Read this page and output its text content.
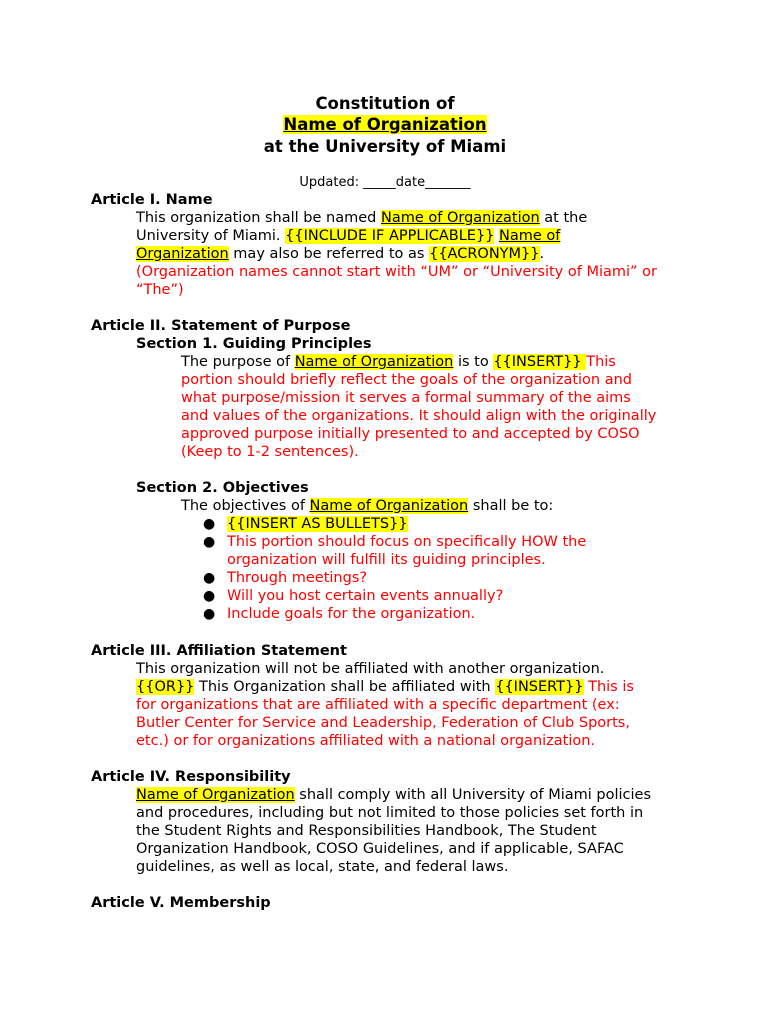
Constitution of
Name of Organization
at the University of Miami
Updated: _____date_______
Article I. Name
This organization shall be named Name of Organization at the
University of Miami. {{INCLUDE IF APPLICABLE}} Name of
Organization may also be referred to as {{ACRONYM}}.
(Organization names cannot start with “UM” or “University of Miami” or
“The”)
Article II. Statement of Purpose
Section 1. Guiding Principles
The purpose of Name of Organization is to {{INSERT}} This
portion should briefly reflect the goals of the organization and
what purpose/mission it serves a formal summary of the aims
and values of the organizations. It should align with the originally
approved purpose initially presented to and accepted by COSO
(Keep to 1-2 sentences).
Section 2. Objectives
The objectives of Name of Organization shall be to:
● {{INSERT AS BULLETS}}
● This portion should focus on specifically HOW the
organization will fulfill its guiding principles.
● Through meetings?
● Will you host certain events annually?
● Include goals for the organization.
Article III. Affiliation Statement
This organization will not be affiliated with another organization.
{{OR}} This Organization shall be affiliated with {{INSERT}} This is
for organizations that are affiliated with a specific department (ex:
Butler Center for Service and Leadership, Federation of Club Sports,
etc.) or for organizations affiliated with a national organization.
Article IV. Responsibility
Name of Organization shall comply with all University of Miami policies
and procedures, including but not limited to those policies set forth in
the Student Rights and Responsibilities Handbook, The Student
Organization Handbook, COSO Guidelines, and if applicable, SAFAC
guidelines, as well as local, state, and federal laws.
Article V. Membership
